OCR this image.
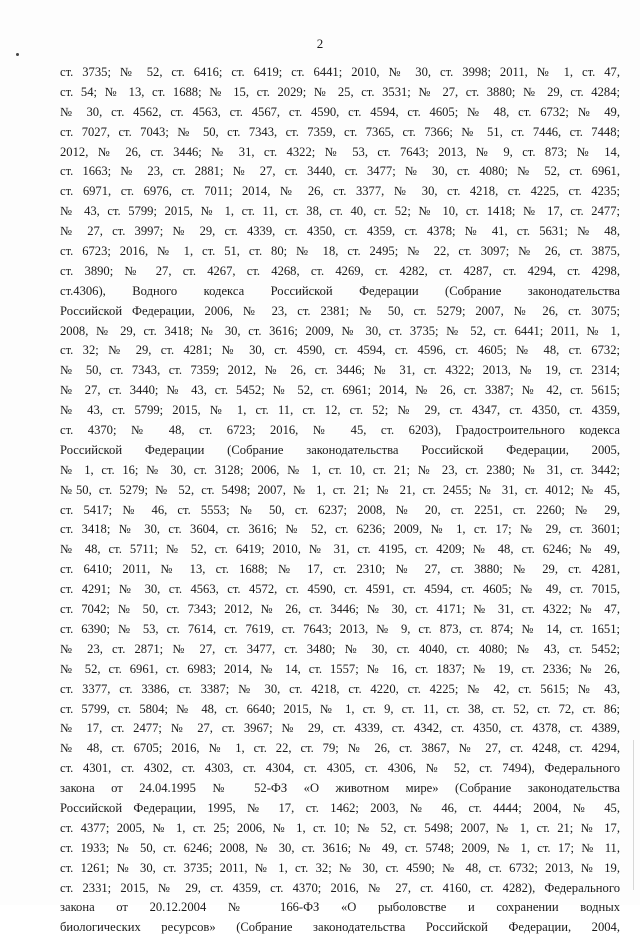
2
ст. 3735; № 52, ст. 6416; ст. 6419; ст. 6441; 2010, № 30, ст. 3998; 2011, № 1, ст. 47,
ст. 54; № 13, ст. 1688; № 15, ст. 2029; № 25, ст. 3531; № 27, ст. 3880; № 29, ст. 4284;
№ 30, ст. 4562, ст. 4563, ст. 4567, ст. 4590, ст. 4594, ст. 4605; № 48, ст. 6732; № 49,
ст. 7027, ст. 7043; № 50, ст. 7343, ст. 7359, ст. 7365, ст. 7366; № 51, ст. 7446, ст. 7448;
2012, № 26, ст. 3446; № 31, ст. 4322; № 53, ст. 7643; 2013, № 9, ст. 873; № 14,
ст. 1663; № 23, ст. 2881; № 27, ст. 3440, ст. 3477; № 30, ст. 4080; № 52, ст. 6961,
ст. 6971, ст. 6976, ст. 7011; 2014, № 26, ст. 3377, № 30, ст. 4218, ст. 4225, ст. 4235;
№ 43, ст. 5799; 2015, № 1, ст. 11, ст. 38, ст. 40, ст. 52; № 10, ст. 1418; № 17, ст. 2477;
№ 27, ст. 3997; № 29, ст. 4339, ст. 4350, ст. 4359, ст. 4378; № 41, ст. 5631; № 48,
ст. 6723; 2016, № 1, ст. 51, ст. 80; № 18, ст. 2495; № 22, ст. 3097; № 26, ст. 3875,
ст. 3890; № 27, ст. 4267, ст. 4268, ст. 4269, ст. 4282, ст. 4287, ст. 4294, ст. 4298,
ст.4306), Водного кодекса Российской Федерации (Собрание законодательства
Российской Федерации, 2006, № 23, ст. 2381; № 50, ст. 5279; 2007, № 26, ст. 3075;
2008, № 29, ст. 3418; № 30, ст. 3616; 2009, № 30, ст. 3735; № 52, ст. 6441; 2011, № 1,
ст. 32; № 29, ст. 4281; № 30, ст. 4590, ст. 4594, ст. 4596, ст. 4605; № 48, ст. 6732;
№ 50, ст. 7343, ст. 7359; 2012, № 26, ст. 3446; № 31, ст. 4322; 2013, № 19, ст. 2314;
№ 27, ст. 3440; № 43, ст. 5452; № 52, ст. 6961; 2014, № 26, ст. 3387; № 42, ст. 5615;
№ 43, ст. 5799; 2015, № 1, ст. 11, ст. 12, ст. 52; № 29, ст. 4347, ст. 4350, ст. 4359,
ст. 4370; № 48, ст. 6723; 2016, № 45, ст. 6203), Градостроительного кодекса
Российской Федерации (Собрание законодательства Российской Федерации, 2005,
№ 1, ст. 16; № 30, ст. 3128; 2006, № 1, ст. 10, ст. 21; № 23, ст. 2380; № 31, ст. 3442;
№50, ст. 5279; № 52, ст. 5498; 2007, № 1, ст. 21; № 21, ст. 2455; № 31, ст. 4012; № 45,
ст. 5417; № 46, ст. 5553; № 50, ст. 6237; 2008, № 20, ст. 2251, ст. 2260; № 29,
ст. 3418; № 30, ст. 3604, ст. 3616; № 52, ст. 6236; 2009, № 1, ст. 17; № 29, ст. 3601;
№ 48, ст. 5711; № 52, ст. 6419; 2010, № 31, ст. 4195, ст. 4209; № 48, ст. 6246; № 49,
ст. 6410; 2011, № 13, ст. 1688; № 17, ст. 2310; № 27, ст. 3880; № 29, ст. 4281,
ст. 4291; № 30, ст. 4563, ст. 4572, ст. 4590, ст. 4591, ст. 4594, ст. 4605; № 49, ст. 7015,
ст. 7042; № 50, ст. 7343; 2012, № 26, ст. 3446; № 30, ст. 4171; № 31, ст. 4322; № 47,
ст. 6390; № 53, ст. 7614, ст. 7619, ст. 7643; 2013, № 9, ст. 873, ст. 874; № 14, ст. 1651;
№ 23, ст. 2871; № 27, ст. 3477, ст. 3480; № 30, ст. 4040, ст. 4080; № 43, ст. 5452;
№ 52, ст. 6961, ст. 6983; 2014, № 14, ст. 1557; № 16, ст. 1837; № 19, ст. 2336; № 26,
ст. 3377, ст. 3386, ст. 3387; № 30, ст. 4218, ст. 4220, ст. 4225; № 42, ст. 5615; № 43,
ст. 5799, ст. 5804; № 48, ст. 6640; 2015, № 1, ст. 9, ст. 11, ст. 38, ст. 52, ст. 72, ст. 86;
№ 17, ст. 2477; № 27, ст. 3967; № 29, ст. 4339, ст. 4342, ст. 4350, ст. 4378, ст. 4389,
№ 48, ст. 6705; 2016, № 1, ст. 22, ст. 79; № 26, ст. 3867, № 27, ст. 4248, ст. 4294,
ст. 4301, ст. 4302, ст. 4303, ст. 4304, ст. 4305, ст. 4306, № 52, ст. 7494), Федерального
закона от 24.04.1995 № 52-ФЗ «О животном мире» (Собрание законодательства
Российской Федерации, 1995, № 17, ст. 1462; 2003, № 46, ст. 4444; 2004, № 45,
ст. 4377; 2005, № 1, ст. 25; 2006, № 1, ст. 10; № 52, ст. 5498; 2007, № 1, ст. 21; № 17,
ст. 1933; № 50, ст. 6246; 2008, № 30, ст. 3616; № 49, ст. 5748; 2009, № 1, ст. 17; № 11,
ст. 1261; № 30, ст. 3735; 2011, № 1, ст. 32; № 30, ст. 4590; № 48, ст. 6732; 2013, № 19,
ст. 2331; 2015, № 29, ст. 4359, ст. 4370; 2016, № 27, ст. 4160, ст. 4282), Федерального
закона от 20.12.2004 № 166-ФЗ «О рыболовстве и сохранении водных
биологических ресурсов» (Собрание законодательства Российской Федерации, 2004,
